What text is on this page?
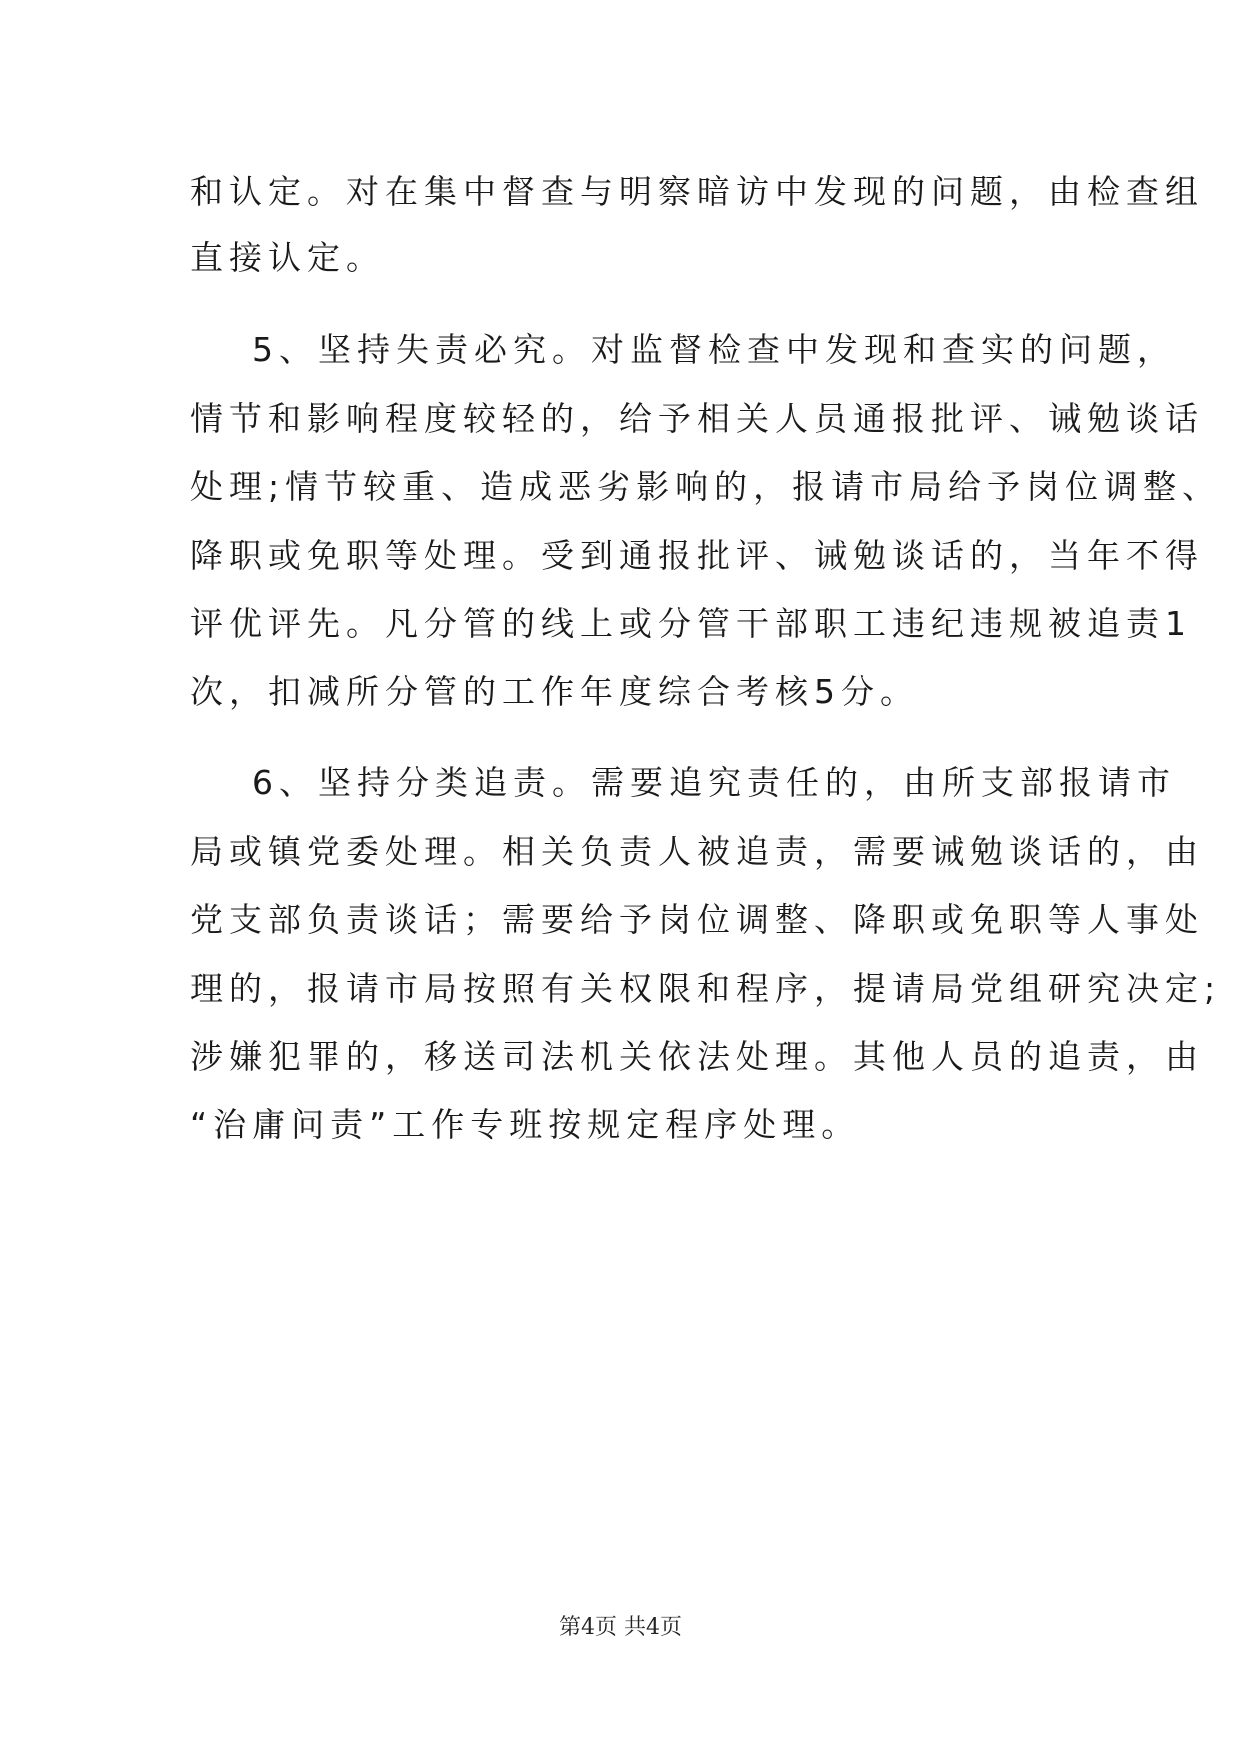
和认定。对在集中督查与明察暗访中发现的问题，由检查组
直接认定。
5、坚持失责必究。对监督检查中发现和查实的问题，
情节和影响程度较轻的，给予相关人员通报批评、诫勉谈话
处理;情节较重、造成恶劣影响的，报请市局给予岗位调整、
降职或免职等处理。受到通报批评、诫勉谈话的，当年不得
评优评先。凡分管的线上或分管干部职工违纪违规被追责1
次，扣减所分管的工作年度综合考核5分。
6、坚持分类追责。需要追究责任的，由所支部报请市
局或镇党委处理。相关负责人被追责，需要诫勉谈话的，由
党支部负责谈话；需要给予岗位调整、降职或免职等人事处
理的，报请市局按照有关权限和程序，提请局党组研究决定;
涉嫌犯罪的，移送司法机关依法处理。其他人员的追责，由
“治庸问责”工作专班按规定程序处理。
第4页 共4页
